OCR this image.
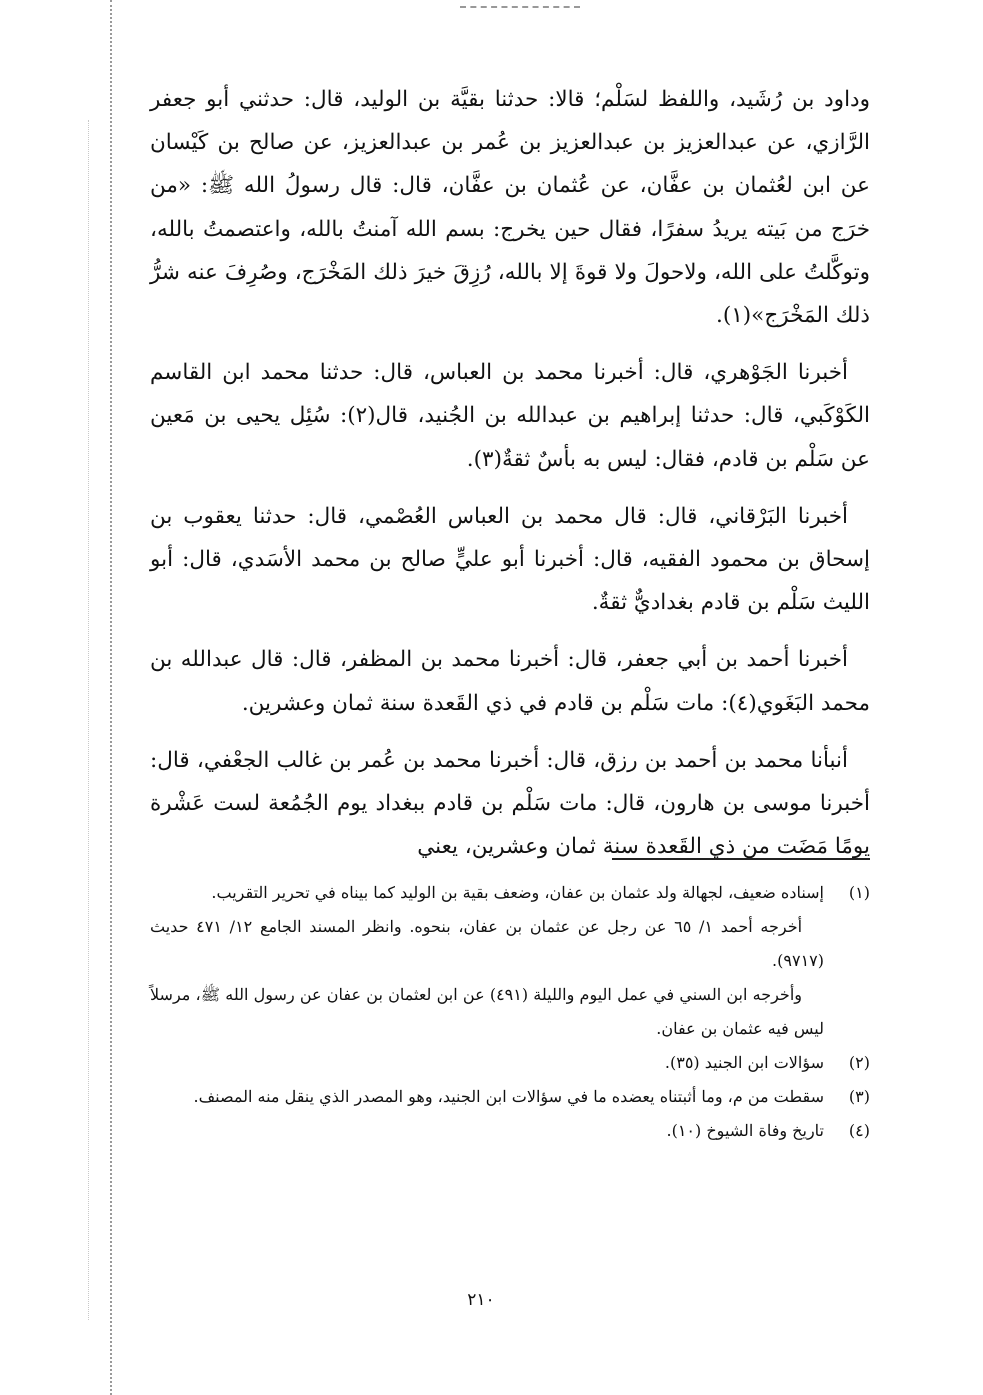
وداود بن رُشَيد، واللفظ لسَلْم؛ قالا: حدثنا بقيَّة بن الوليد، قال: حدثني أبو جعفر الرَّازي، عن عبدالعزيز بن عبدالعزيز بن عُمر بن عبدالعزيز، عن صالح بن كَيْسان عن ابن لعُثمان بن عفَّان، عن عُثمان بن عفَّان، قال: قال رسولُ الله ﷺ: «من خرَج من بَيته يريدُ سفرًا، فقال حين يخرج: بسم الله آمنتُ بالله، واعتصمتُ بالله، وتوكَّلتُ على الله، ولاحولَ ولا قوةَ إلا بالله، رُزِقَ خيرَ ذلك المَخْرَج، وصُرِفَ عنه شرُّ ذلك المَخْرَج»(١).

أخبرنا الجَوْهري، قال: أخبرنا محمد بن العباس، قال: حدثنا محمد ابن القاسم الكَوْكَبي، قال: حدثنا إبراهيم بن عبدالله بن الجُنيد، قال(٢): سُئِل يحيى بن مَعين عن سَلْم بن قادم، فقال: ليس به بأسٌ ثقةٌ(٣).

أخبرنا البَرْقاني، قال: قال محمد بن العباس العُصْمي، قال: حدثنا يعقوب بن إسحاق بن محمود الفقيه، قال: أخبرنا أبو عليٍّ صالح بن محمد الأسَدي، قال: أبو الليث سَلْم بن قادم بغداديٌّ ثقةٌ.

أخبرنا أحمد بن أبي جعفر، قال: أخبرنا محمد بن المظفر، قال: قال عبدالله بن محمد البَغَوي(٤): مات سَلْم بن قادم في ذي القَعدة سنة ثمان وعشرين.

أنبأنا محمد بن أحمد بن رزق، قال: أخبرنا محمد بن عُمر بن غالب الجعْفي، قال: أخبرنا موسى بن هارون، قال: مات سَلْم بن قادم ببغداد يوم الجُمُعة لست عَشْرة يومًا مَضَت من ذي القَعدة سنة ثمان وعشرين، يعني

(١)
إسناده ضعيف، لجهالة ولد عثمان بن عفان، وضعف بقية بن الوليد كما بيناه في تحرير التقريب.
أخرجه أحمد ١/ ٦٥ عن رجل عن عثمان بن عفان، بنحوه. وانظر المسند الجامع ١٢/ ٤٧١ حديث (٩٧١٧).
وأخرجه ابن السني في عمل اليوم والليلة (٤٩١) عن ابن لعثمان بن عفان عن رسول الله ﷺ، مرسلاً ليس فيه عثمان بن عفان.
(٢)
سؤالات ابن الجنيد (٣٥).
(٣)
سقطت من م، وما أثبتناه يعضده ما في سؤالات ابن الجنيد، وهو المصدر الذي ينقل منه المصنف.
(٤)
تاريخ وفاة الشيوخ (١٠).
٢١٠
